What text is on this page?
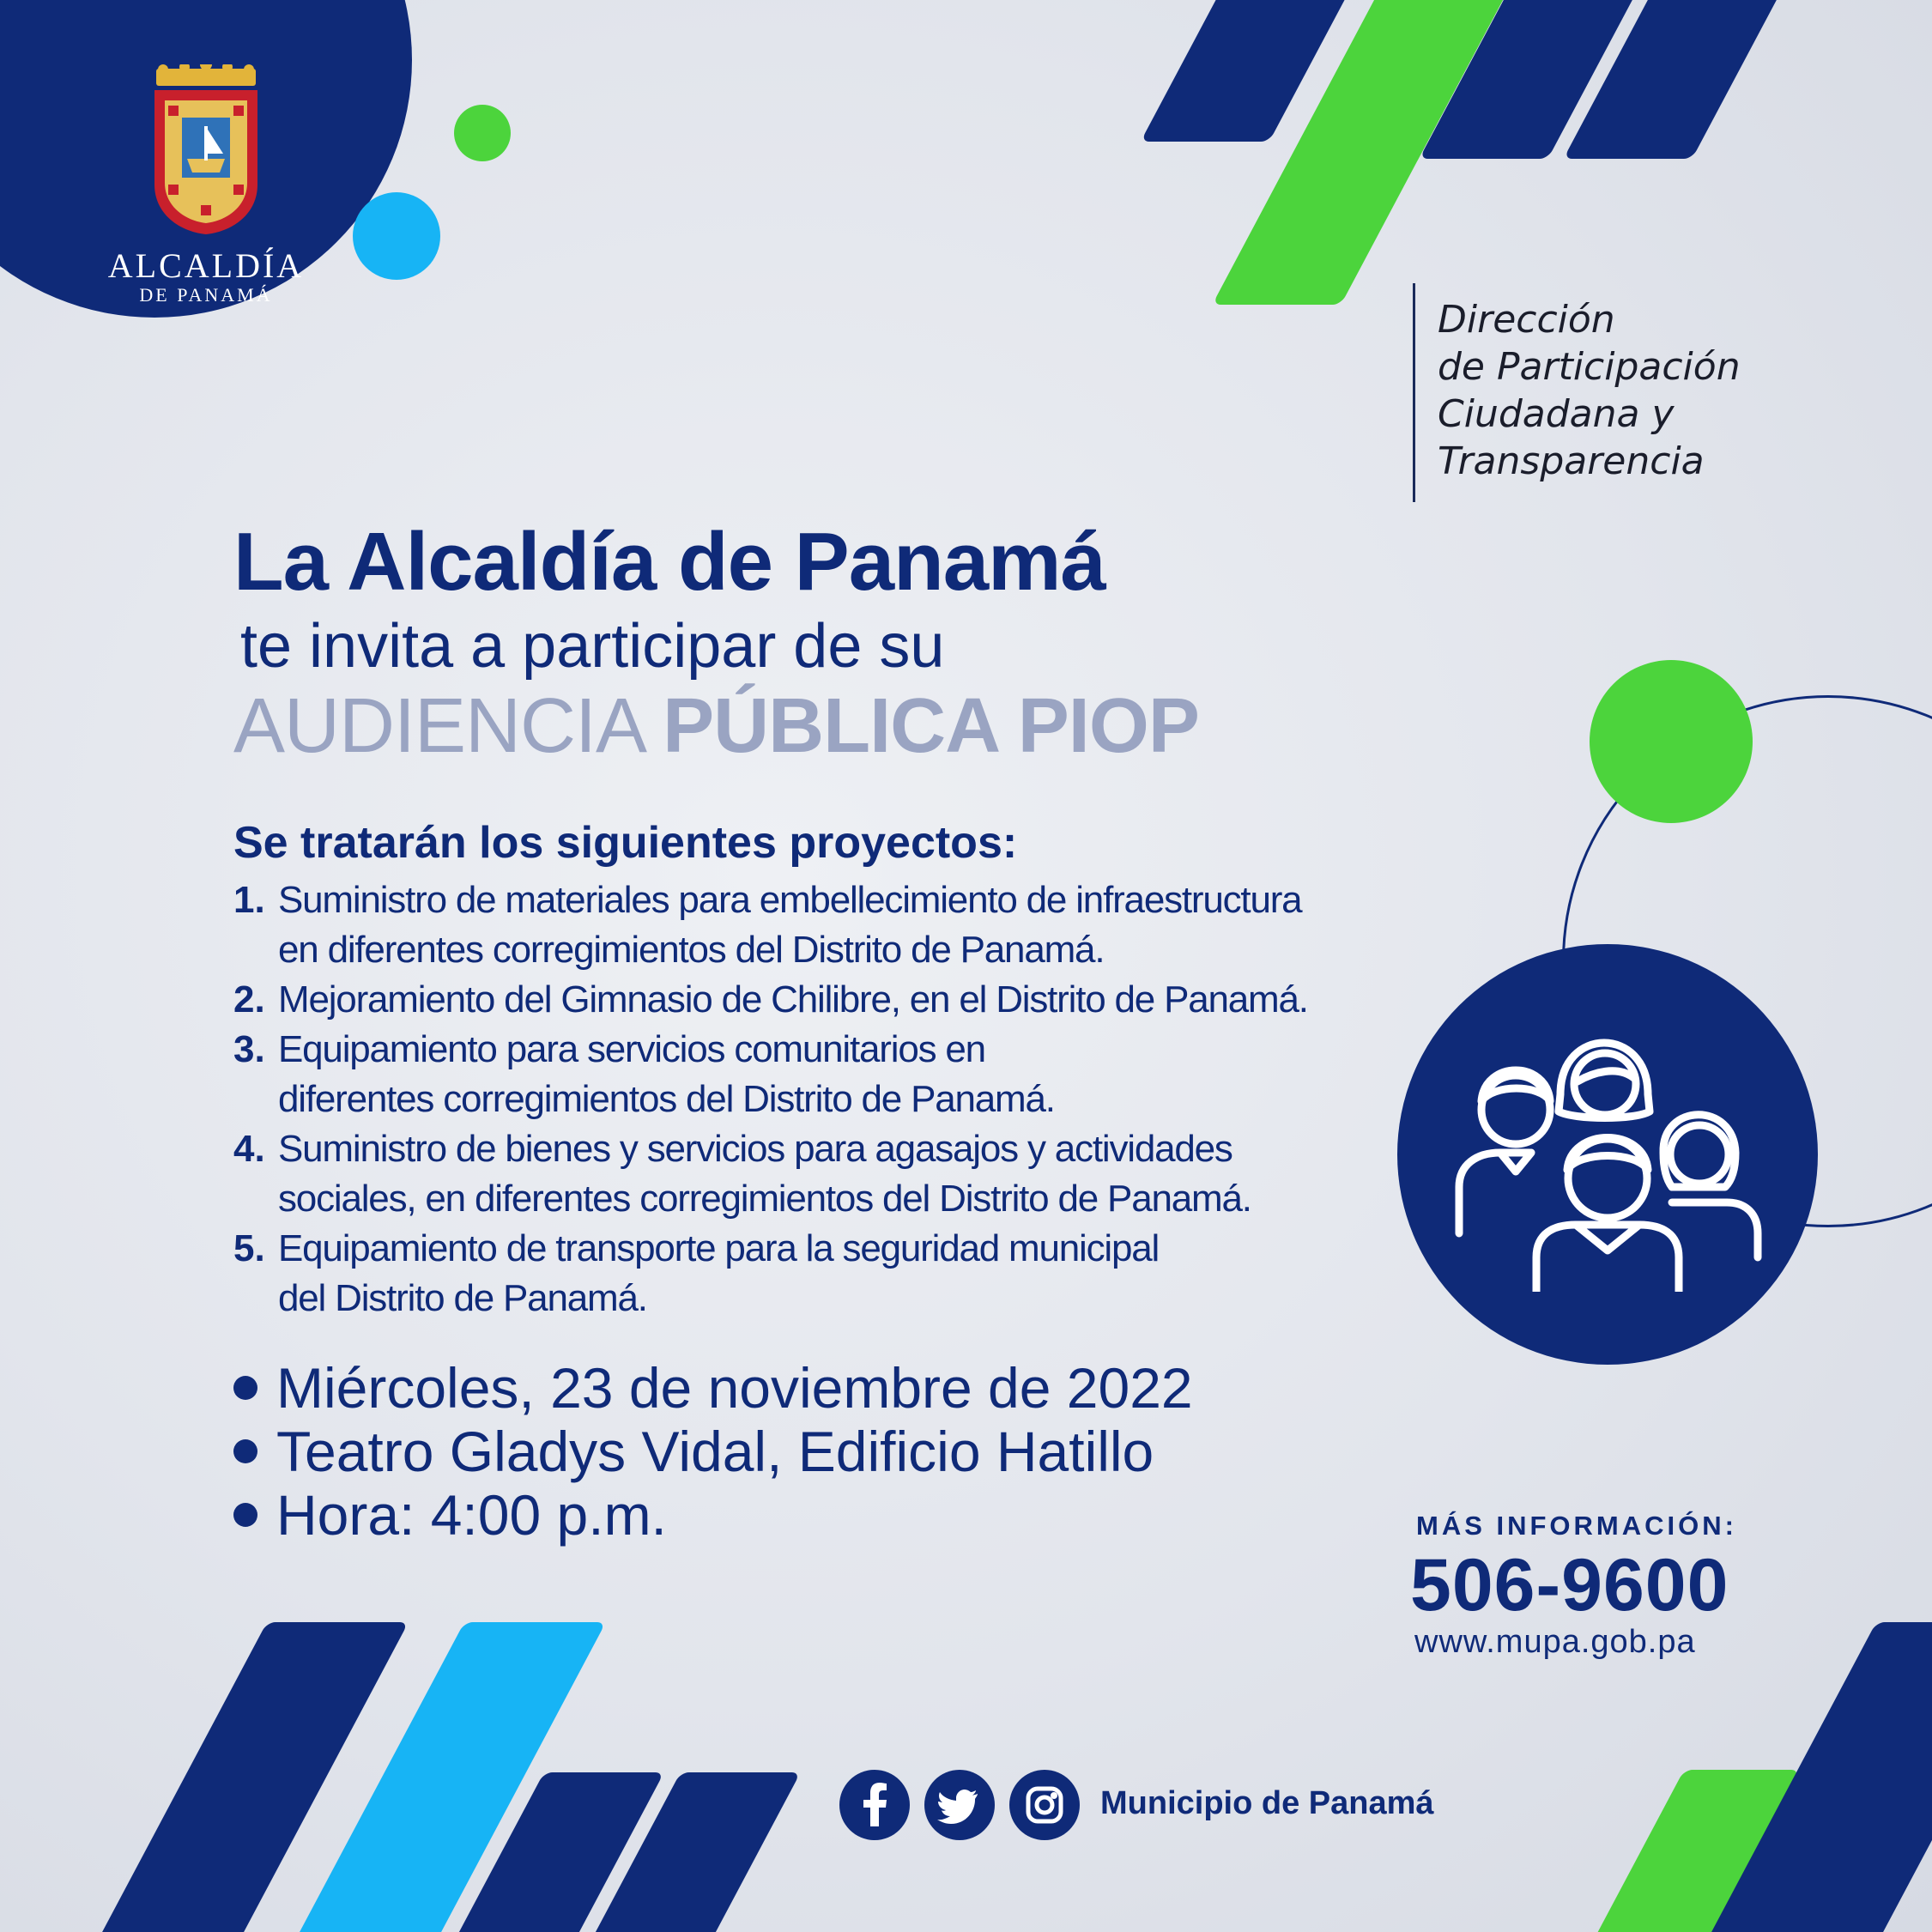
ALCALDÍA
DE PANAMÁ
Dirección
de Participación
Ciudadana y
Transparencia
La Alcaldía de Panamá
te invita a participar de su
AUDIENCIA PÚBLICA PIOP
Se tratarán los siguientes proyectos:
1. Suministro de materiales para embellecimiento de infraestructura
en diferentes corregimientos del Distrito de Panamá.
2. Mejoramiento del Gimnasio de Chilibre, en el Distrito de Panamá.
3. Equipamiento para servicios comunitarios en
diferentes corregimientos del Distrito de Panamá.
4. Suministro de bienes y servicios para agasajos y actividades
sociales, en diferentes corregimientos del Distrito de Panamá.
5. Equipamiento de transporte para la seguridad municipal
del Distrito de Panamá.
Miércoles, 23 de noviembre de 2022
Teatro Gladys Vidal, Edificio Hatillo
Hora: 4:00 p.m.	MÁS INFORMACIÓN:
506-9600
www.mupa.gob.pa
Municipio de Panamá
